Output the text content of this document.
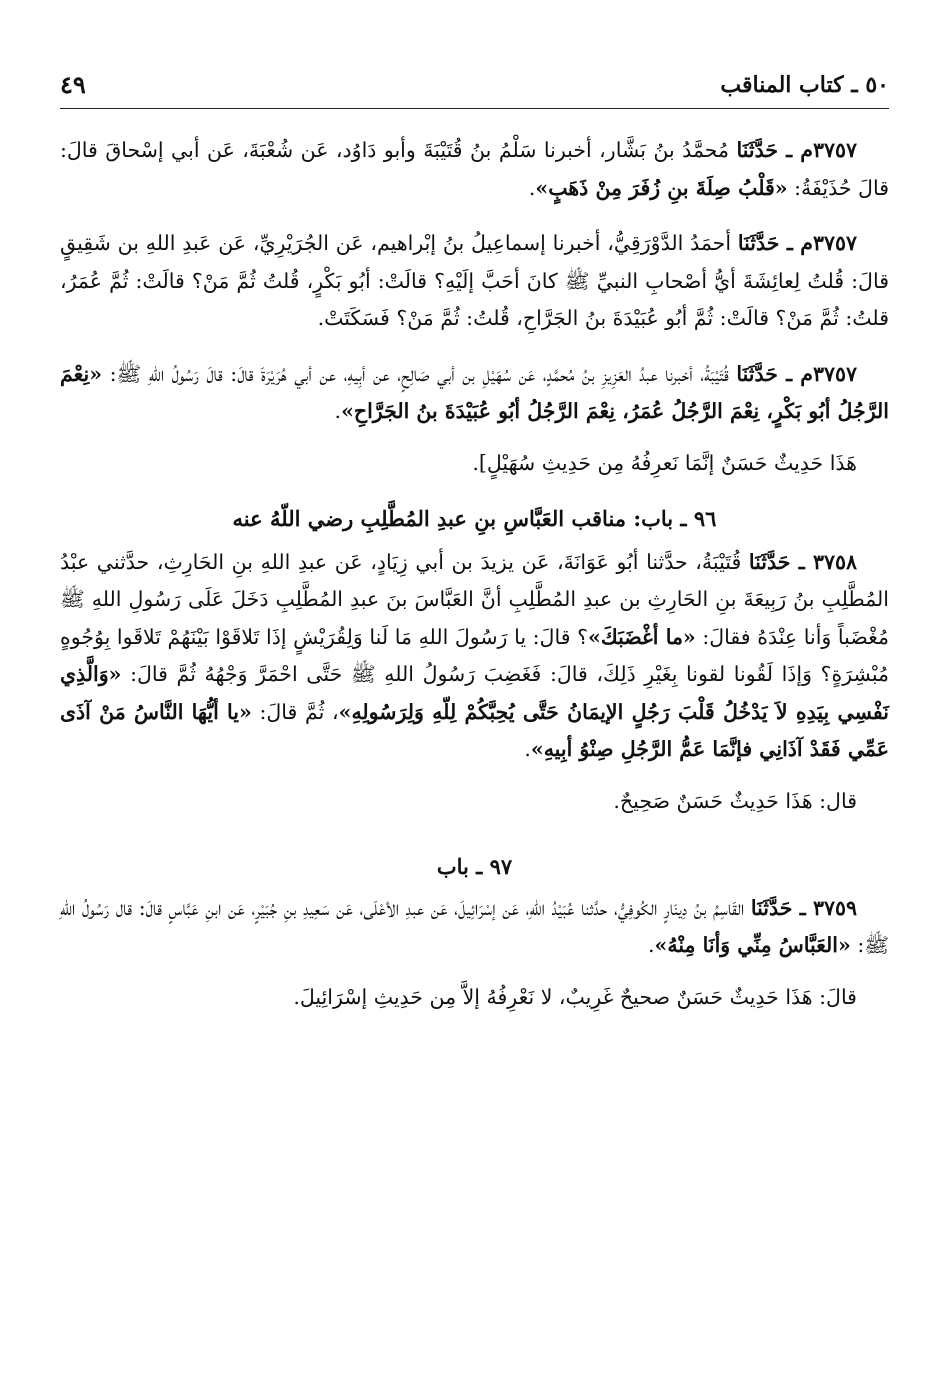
٤٩	٥٠ ـ كتاب المناقب

٣٧٥٧م ـ حَدَّثَنَا مُحمَّدُ بنُ بَشَّار، أخبرنا سَلْمُ بنُ قُتَيْبَةَ وأبو دَاوُد، عَن شُعْبَةَ، عَن أبي إسْحاقَ قالَ: قالَ حُذَيْفَةُ: «قَلْبُ صِلَةَ بنِ زُفَرَ مِنْ ذَهَبٍ».

٣٧٥٧م ـ حَدَّثَنَا أحمَدُ الدَّوْرَقِيُّ، أخبرنا إسماعِيلُ بنُ إبْراهيم، عَن الجُرَيْرِيِّ، عَن عَبدِ اللهِ بن شَقِيقٍ قالَ: قُلتُ لِعائِشَةَ أيُّ أصْحابِ النبيِّ ﷺ كانَ أحَبَّ إلَيْهِ؟ قالَتْ: أبُو بَكْرٍ، قُلتُ ثُمَّ مَنْ؟ قالَتْ: ثُمَّ عُمَرُ، قلتُ: ثُمَّ مَنْ؟ قالَتْ: ثُمَّ أبُو عُبَيْدَةَ بنُ الجَرَّاحِ، قُلتُ: ثُمَّ مَنْ؟ فَسَكَتَتْ.

٣٧٥٧م ـ حَدَّثَنَا قُتَيْبَةُ، أخبرنا عبدُ العَزِيزِ بنُ مُحمَّدٍ، عَن سُهَيْلِ بن أبي صَالِحٍ، عن أبِيهِ، عن أبي هُرَيْرَةَ قالَ: قالَ رَسُولُ اللهِ ﷺ: «نِعْمَ الرَّجُلُ أبُو بَكْرٍ، نِعْمَ الرَّجُلُ عُمَرُ، نِعْمَ الرَّجُلُ أبُو عُبَيْدَةَ بنُ الجَرَّاحِ».

هَذَا حَدِيثٌ حَسَنٌ إنَّمَا نَعرِفُهُ مِن حَدِيثِ سُهَيْلٍ].

٩٦ ـ باب: مناقب العَبَّاسِ بنِ عبدِ المُطَّلِبِ رضي اللّهُ عنه

٣٧٥٨ ـ حَدَّثَنَا قُتَيْبَةُ، حدَّثنا أبُو عَوَانَةَ، عَن يزيدَ بن أبي زِيَادٍ، عَن عبدِ اللهِ بنِ الحَارِثِ، حدَّثني عبْدُ المُطَّلِبِ بنُ رَبِيعَةَ بنِ الحَارِثِ بن عبدِ المُطَّلِبِ أنَّ العَبَّاسَ بنَ عبدِ المُطَّلِبِ دَخَلَ عَلَى رَسُولِ اللهِ ﷺ مُغْضَباً وَأنا عِنْدَهُ فقالَ: «ما أغْضَبَكَ»؟ قالَ: يا رَسُولَ اللهِ مَا لَنا وَلِقُرَيْشٍ إذَا تَلاقَوْا بَيْنَهُمْ تَلاقَوا بِوُجُوهٍ مُبْشِرَةٍ؟ وَإذَا لَقُونا لقونا بِغَيْرِ ذَلِكَ، قالَ: فَغَضِبَ رَسُولُ اللهِ ﷺ حَتَّى احْمَرَّ وَجْهُهُ ثُمَّ قالَ: «وَالَّذِي نَفْسِي بِيَدِهِ لاَ يَدْخُلُ قَلْبَ رَجُلٍ الإيمَانُ حَتَّى يُحِبَّكُمْ لِلّهِ وَلِرَسُولِهِ»، ثُمَّ قالَ: «يا أيُّهَا النَّاسُ مَنْ آذَى عَمِّي فَقَدْ آذَانِي فإنَّمَا عَمُّ الرَّجُلِ صِنْوُ أبِيهِ».

قال: هَذَا حَدِيثٌ حَسَنٌ صَحِيحٌ.

٩٧ ـ باب

٣٧٥٩ ـ حَدَّثَنَا القَاسِمُ بنُ دِينَارٍ الكُوفِيُّ، حدَّثنا عُبَيْدُ اللهِ، عَن إسْرَائِيلَ، عَن عبدِ الأعْلَى، عَن سَعِيدِ بنِ جُبَيْرٍ، عَن ابنِ عَبَّاسٍ قالَ: قال رَسُولُ اللهِ ﷺ: «العَبَّاسُ مِنِّي وَأنَا مِنْهُ».

قالَ: هَذَا حَدِيثٌ حَسَنٌ صحيحٌ غَرِيبٌ، لا نَعْرِفُهُ إلاَّ مِن حَدِيثِ إسْرَائِيلَ.
